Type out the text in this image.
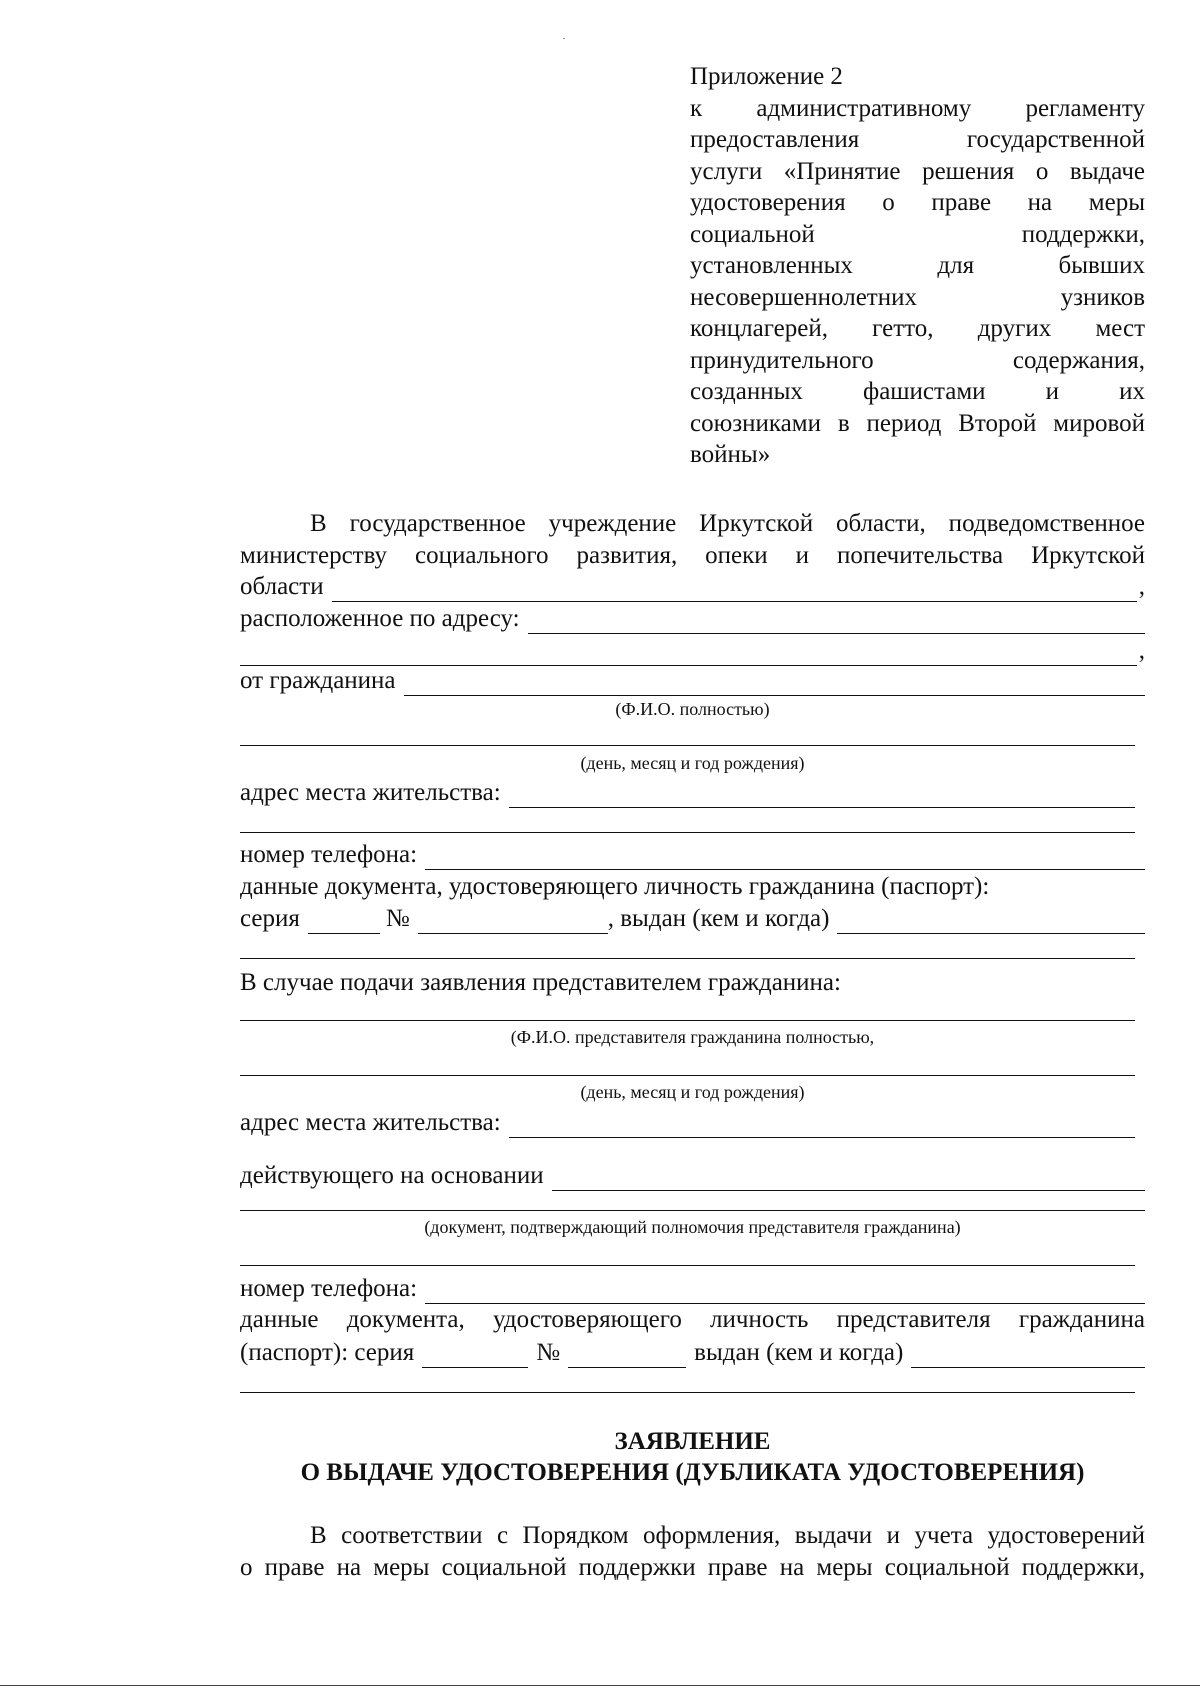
Приложение 2
к административному регламенту
предоставления государственной
услуги «Принятие решения о выдаче
удостоверения о праве на меры
социальной поддержки,
установленных для бывших
несовершеннолетних узников
концлагерей, гетто, других мест
принудительного содержания,
созданных фашистами и их
союзниками в период Второй мировой
войны»
В государственное учреждение Иркутской области, подведомственное
министерству социального развития, опеки и попечительства Иркутской
области	,
расположенное по адресу:
,
от гражданина
(Ф.И.О. полностью)
(день, месяц и год рождения)
адрес места жительства:
номер телефона:
данные документа, удостоверяющего личность гражданина (паспорт):
серия	№	, выдан (кем и когда)
В случае подачи заявления представителем гражданина:
(Ф.И.О. представителя гражданина полностью,
(день, месяц и год рождения)
адрес места жительства:
действующего на основании
(документ, подтверждающий полномочия представителя гражданина)
номер телефона:
данные документа, удостоверяющего личность представителя гражданина
(паспорт): серия	№	выдан (кем и когда)
ЗАЯВЛЕНИЕ
О ВЫДАЧЕ УДОСТОВЕРЕНИЯ (ДУБЛИКАТА УДОСТОВЕРЕНИЯ)
В соответствии с Порядком оформления, выдачи и учета удостоверений
о праве на меры социальной поддержки праве на меры социальной поддержки,
